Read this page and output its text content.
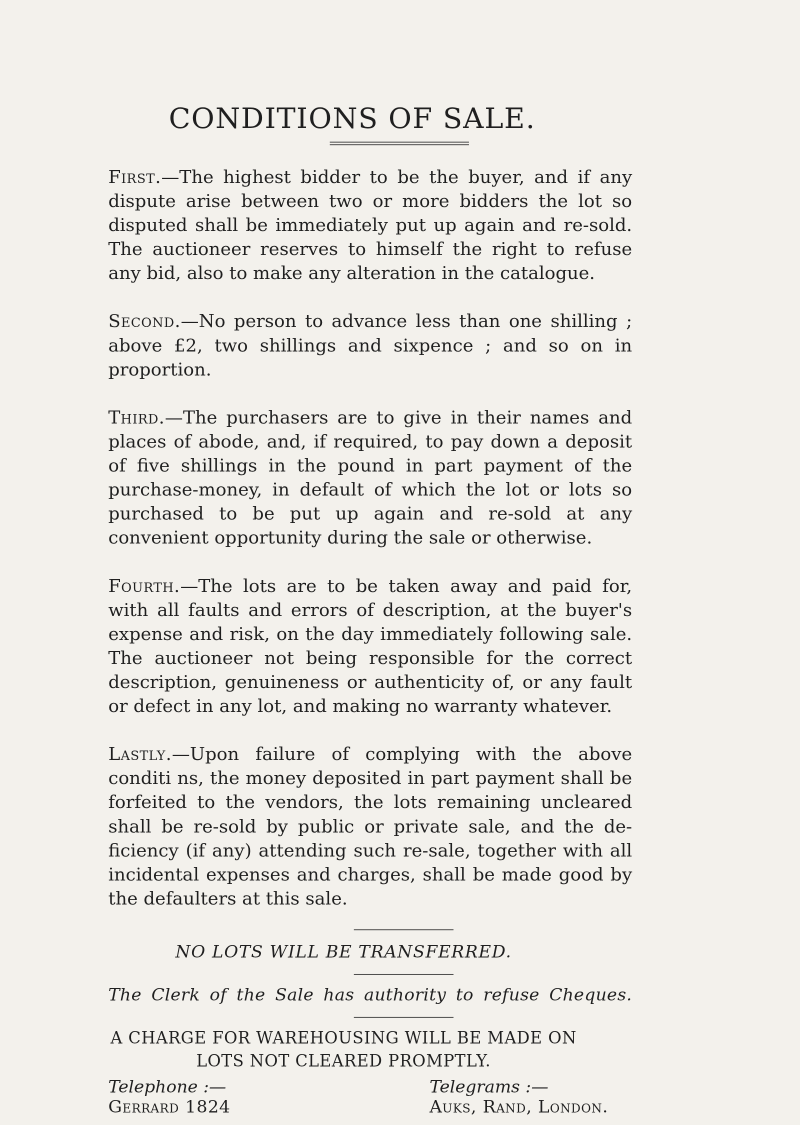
CONDITIONS OF SALE.

First.—The highest bidder to be the buyer, and if any dispute arise between two or more bidders the lot so disputed shall be immediately put up again and re-sold. The auctioneer reserves to himself the right to refuse any bid, also to make any alteration in the catalogue.

Second.—No person to advance less than one shilling ; above £2, two shillings and sixpence ; and so on in proportion.

Third.—The purchasers are to give in their names and places of abode, and, if required, to pay down a deposit of five shillings in the pound in part payment of the purchase-money, in default of which the lot or lots so purchased to be put up again and re-sold at any convenient opportunity during the sale or otherwise.

Fourth.—The lots are to be taken away and paid for, with all faults and errors of description, at the buyer's expense and risk, on the day immediately following sale. The auctioneer not being responsible for the correct description, genuineness or authenticity of, or any fault or defect in any lot, and making no warranty whatever.

Lastly.—Upon failure of complying with the above conditi ns, the money deposited in part payment shall be forfeited to the vendors, the lots remaining uncleared shall be re-sold by public or private sale, and the de-ficiency (if any) attending such re-sale, together with all incidental expenses and charges, shall be made good by the defaulters at this sale.

NO LOTS WILL BE TRANSFERRED.

The Clerk of the Sale has authority to refuse Cheques.

A CHARGE FOR WAREHOUSING WILL BE MADE ON
LOTS NOT CLEARED PROMPTLY.

Telephone :—
Gerrard 1824
Telegrams :—
Auks, Rand, London.
